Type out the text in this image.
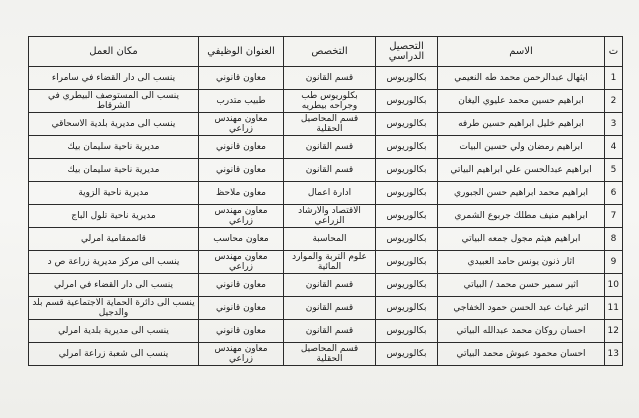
ت	الاسم	التحصيل الدراسي	التخصص	العنوان الوظيفي	مكان العمل
1	ايثهال عبدالرحمن محمد طه النعيمي	بكالوريوس	قسم القانون	معاون قانوني	ينسب الى دار القضاء في سامراء
2	ابراهيم حسين محمد عليوي اليغان	بكالوريوس	بكلوريوس طب وجراحه بيطريه	طبيب متدرب	ينسب الى المستوصف البيطري في الشرقاط
3	ابراهيم خليل ابراهيم حسين طرفه	بكالوريوس	قسم المحاصيل الحقلية	معاون مهندس زراعي	ينسب الى مديرية بلدية الاسحاقي
4	ابراهيم رمضان ولي حسين البيات	بكالوريوس	قسم القانون	معاون قانوني	مديرية ناحية سليمان بيك
5	ابراهيم عبدالحسن علي ابراهيم البياتي	بكالوريوس	قسم القانون	معاون قانوني	مديرية ناحية سليمان بيك
6	ابراهيم محمد ابراهيم حسن الجبوري	بكالوريوس	ادارة اعمال	معاون ملاحظ	مديرية ناحية الزوية
7	ابراهيم منيف مطلك جربوع الشمري	بكالوريوس	الاقتصاد والارشاد الزراعي	معاون مهندس زراعي	مديرية ناحية تلول الباج
8	ابراهيم هيثم مجول جمعه البياتي	بكالوريوس	المحاسبة	معاون محاسب	قائممقامية امرلي
9	اثار ذنون يونس حامد العبيدي	بكالوريوس	علوم التربة والموارد المائية	معاون مهندس زراعي	ينسب الى مركز مديرية زراعة ص د
10	اثير سمير حسن محمد / البياتي	بكالوريوس	قسم القانون	معاون قانوني	ينسب الى دار القضاء في امرلي
11	اثير غياث عبد الحسن حمود الخفاجي	بكالوريوس	قسم القانون	معاون قانوني	ينسب الى دائرة الحماية الاجتماعية قسم بلد والدجيل
12	احسان روكان محمد عبدالله البياتي	بكالوريوس	قسم القانون	معاون قانوني	ينسب الى مديرية بلدية امرلي
13	احسان محمود عبوش محمد البياتي	بكالوريوس	قسم المحاصيل الحقلية	معاون مهندس زراعي	ينسب الى شعبة زراعة امرلي
